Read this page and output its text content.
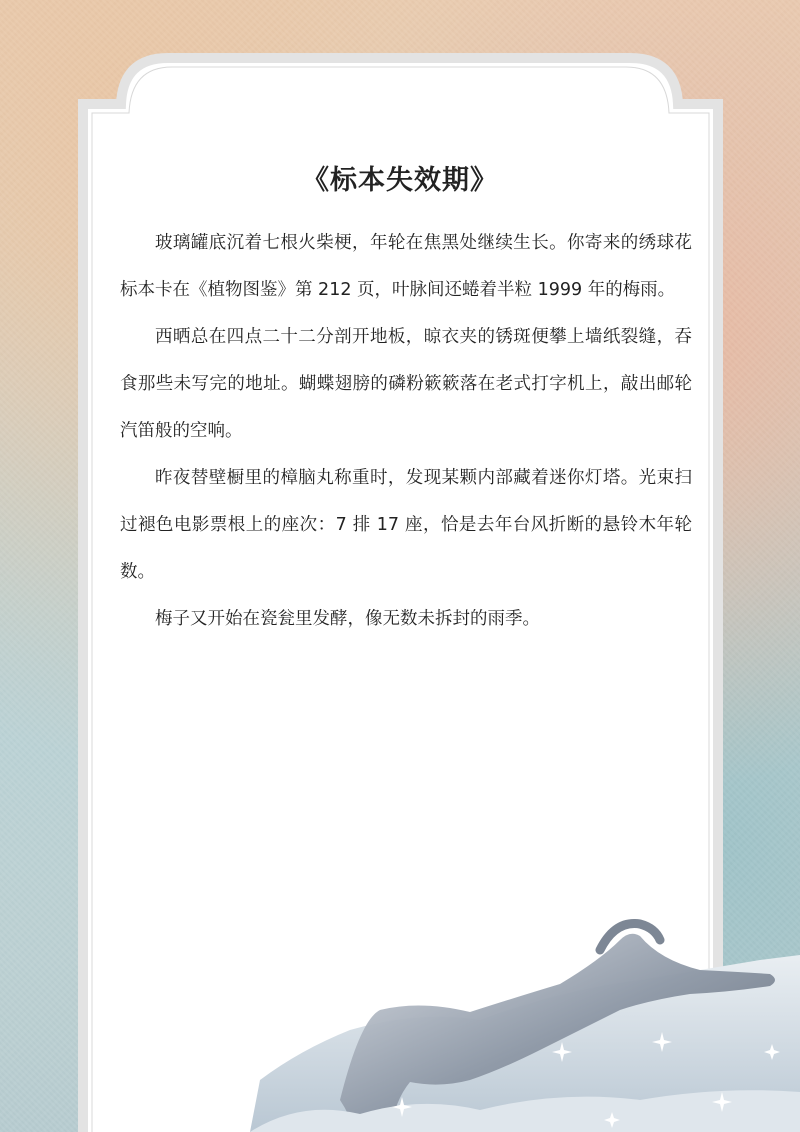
《标本失效期》

玻璃罐底沉着七根火柴梗，年轮在焦黑处继续生长。你寄来的绣球花标本卡在《植物图鉴》第 212 页，叶脉间还蜷着半粒 1999 年的梅雨。

西晒总在四点二十二分剖开地板，晾衣夹的锈斑便攀上墙纸裂缝，吞食那些未写完的地址。蝴蝶翅膀的磷粉簌簌落在老式打字机上，敲出邮轮汽笛般的空响。

昨夜替壁橱里的樟脑丸称重时，发现某颗内部藏着迷你灯塔。光束扫过褪色电影票根上的座次：7 排 17 座，恰是去年台风折断的悬铃木年轮数。

梅子又开始在瓷瓮里发酵，像无数未拆封的雨季。
